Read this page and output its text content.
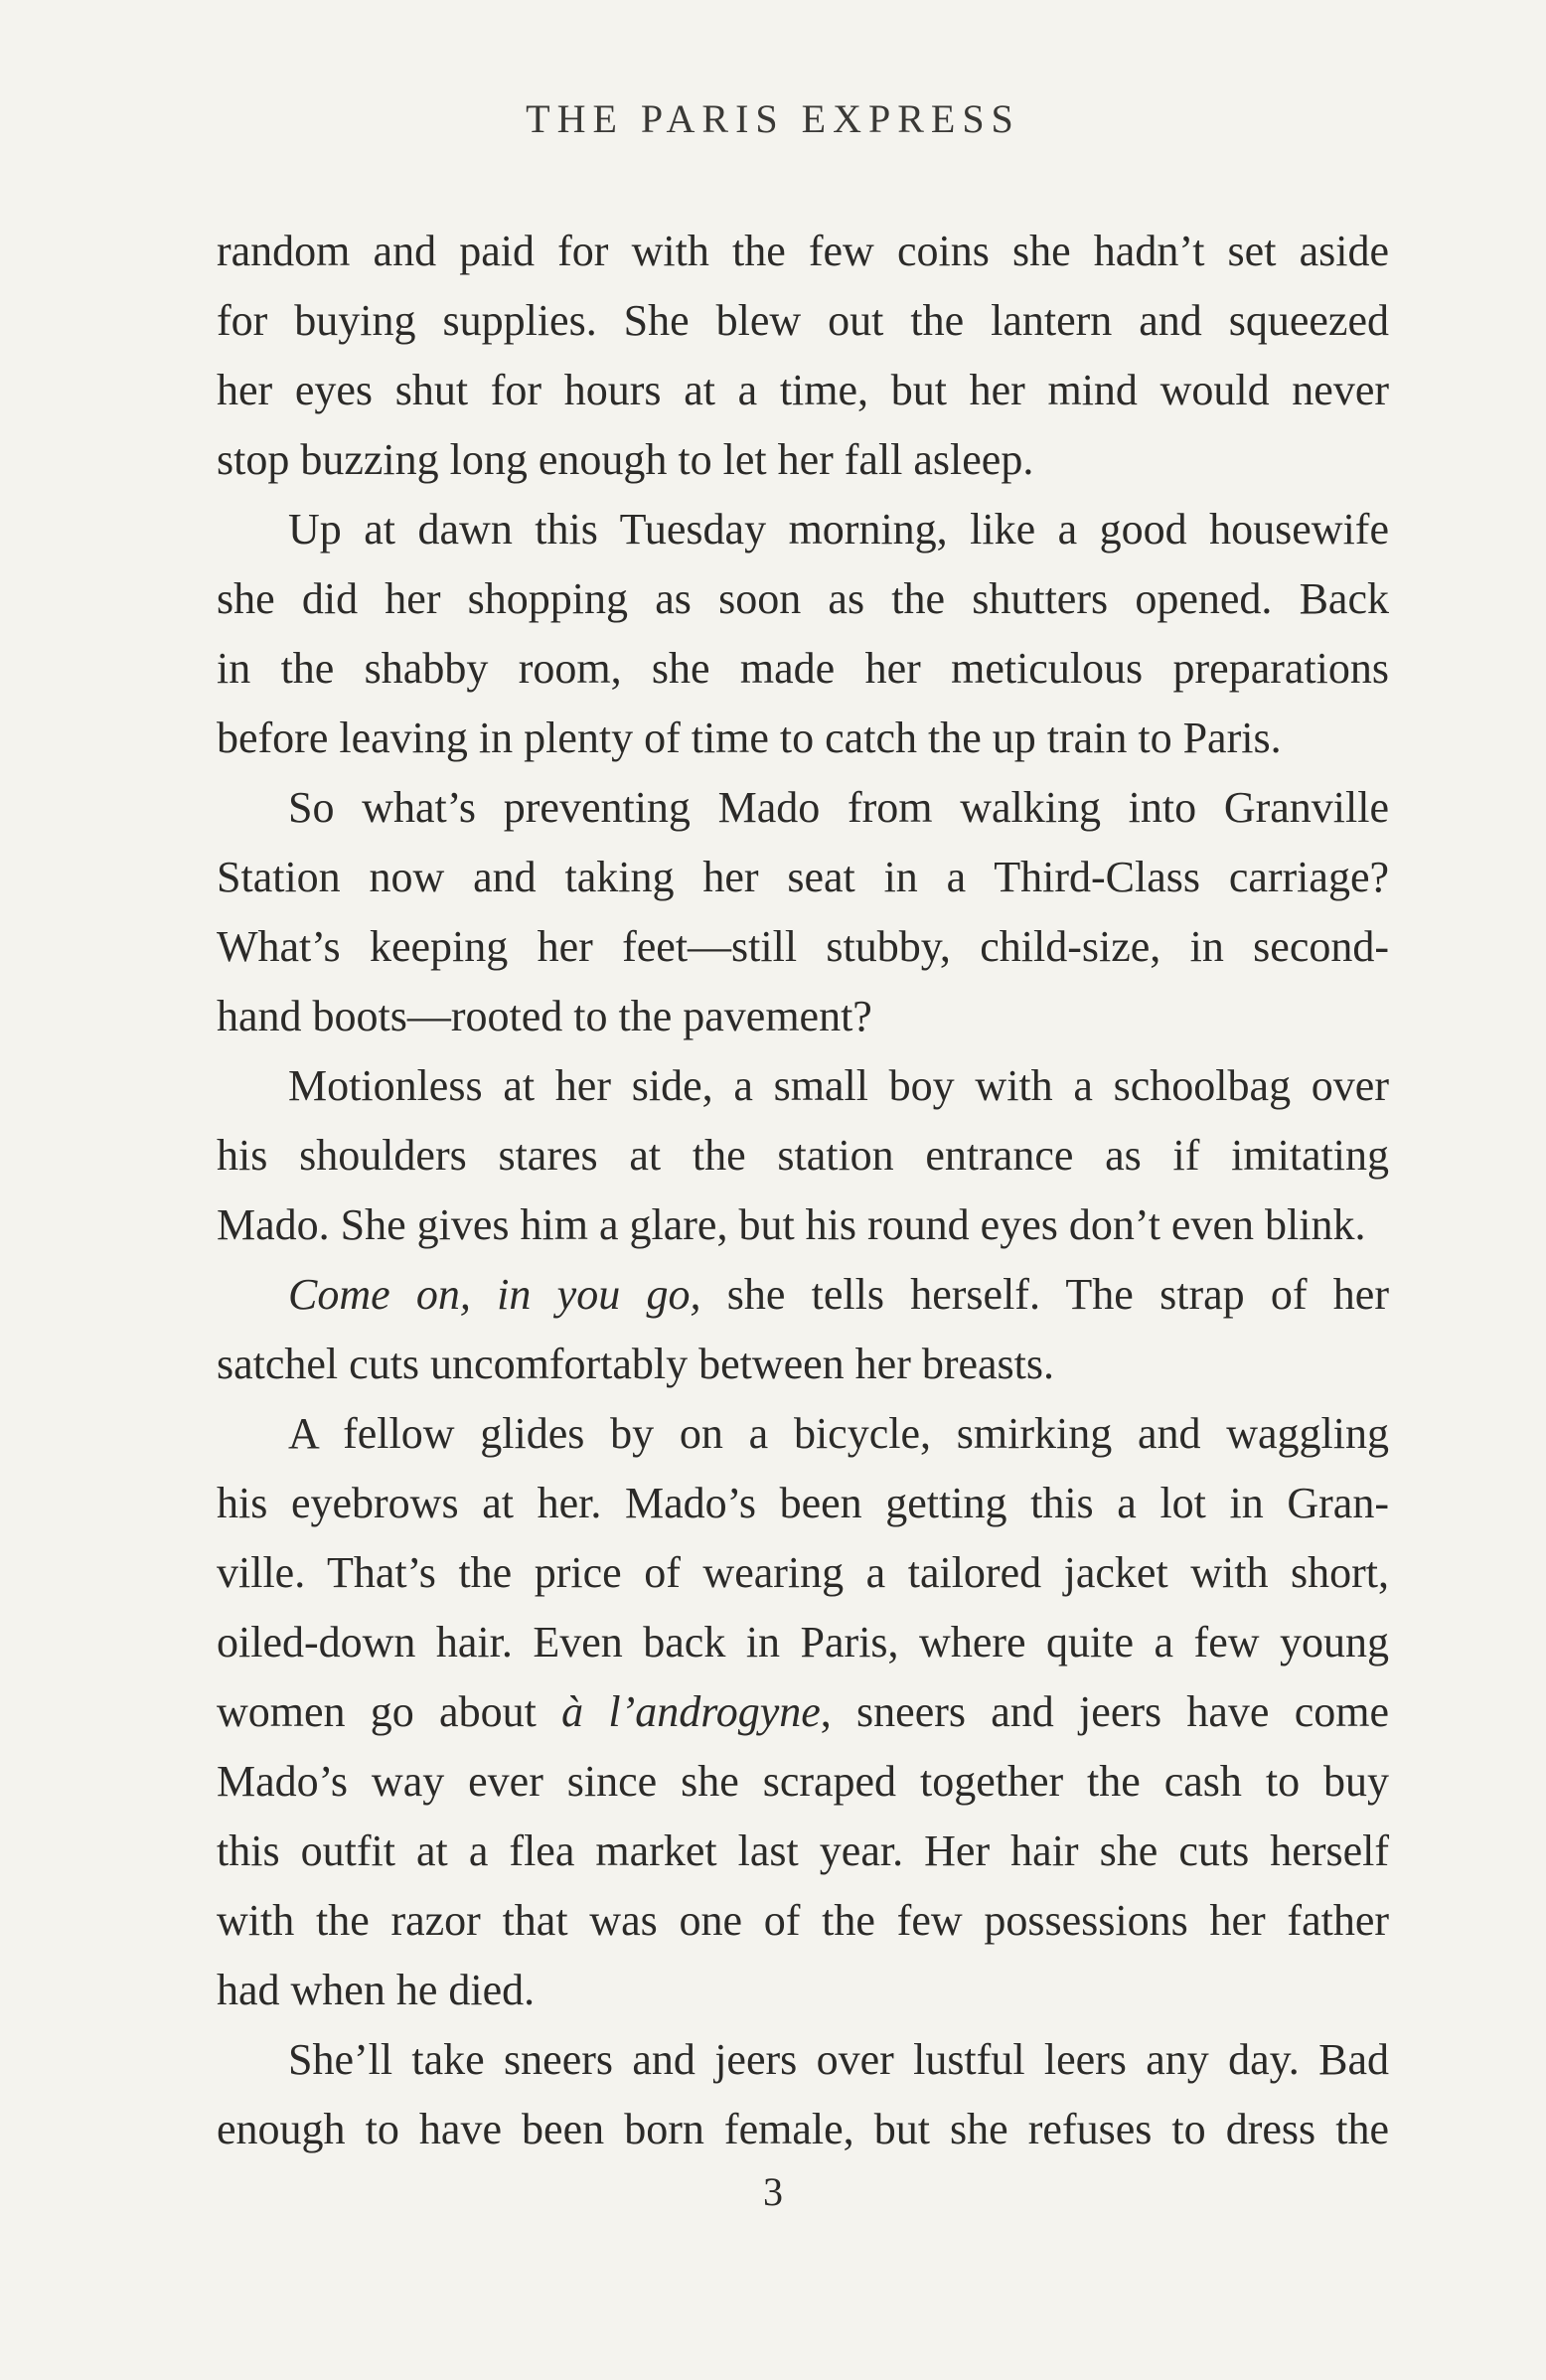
THE PARIS EXPRESS
random and paid for with the few coins she hadn’t set aside
for buying supplies. She blew out the lantern and squeezed
her eyes shut for hours at a time, but her mind would never
stop buzzing long enough to let her fall asleep.
Up at dawn this Tuesday morning, like a good housewife
she did her shopping as soon as the shutters opened. Back
in the shabby room, she made her meticulous preparations
before leaving in plenty of time to catch the up train to Paris.
So what’s preventing Mado from walking into Granville
Station now and taking her seat in a Third-Class carriage?
What’s keeping her feet—still stubby, child-size, in second-
hand boots—rooted to the pavement?
Motionless at her side, a small boy with a schoolbag over
his shoulders stares at the station entrance as if imitating
Mado. She gives him a glare, but his round eyes don’t even blink.
Come on, in you go, she tells herself. The strap of her
satchel cuts uncomfortably between her breasts.
A fellow glides by on a bicycle, smirking and waggling
his eyebrows at her. Mado’s been getting this a lot in Gran-
ville. That’s the price of wearing a tailored jacket with short,
oiled-down hair. Even back in Paris, where quite a few young
women go about à l’androgyne, sneers and jeers have come
Mado’s way ever since she scraped together the cash to buy
this outfit at a flea market last year. Her hair she cuts herself
with the razor that was one of the few possessions her father
had when he died.
She’ll take sneers and jeers over lustful leers any day. Bad
enough to have been born female, but she refuses to dress the
3
